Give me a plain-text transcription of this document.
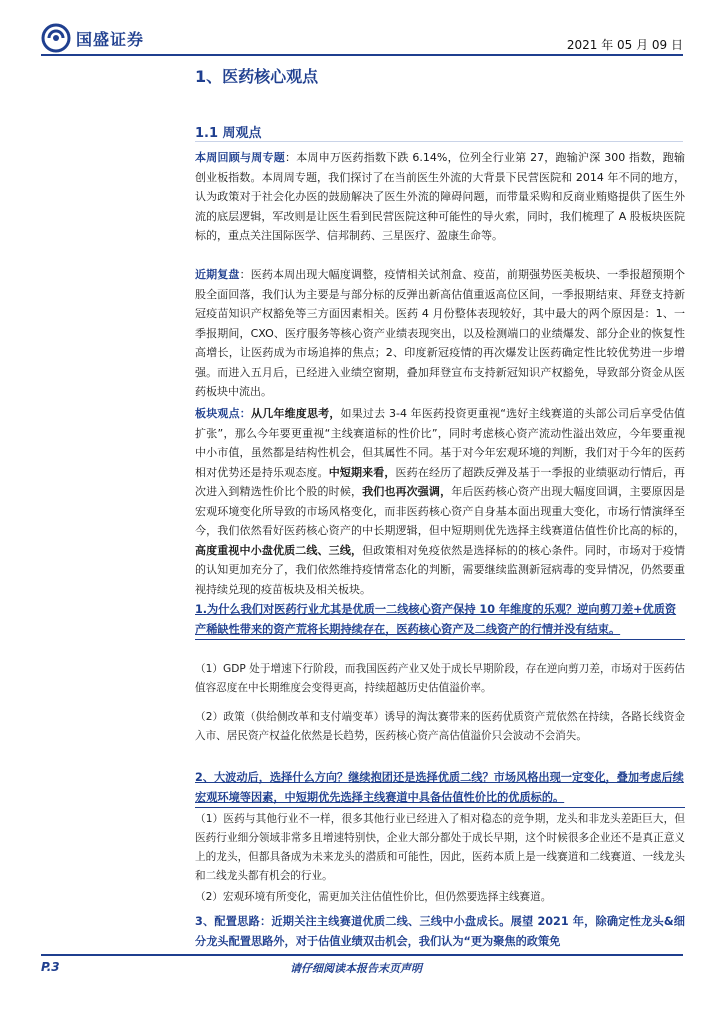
国盛证券	2021 年 05 月 09 日
1、医药核心观点
1.1 周观点
本周回顾与周专题：本周申万医药指数下跌 6.14%，位列全行业第 27，跑输沪深 300 指数，跑输创业板指数。本周周专题，我们探讨了在当前医生外流的大背景下民营医院和 2014 年不同的地方，认为政策对于社会化办医的鼓励解决了医生外流的障碍问题，而带量采购和反商业贿赂提供了医生外流的底层逻辑，军改则是让医生看到民营医院这种可能性的导火索，同时，我们梳理了 A 股板块医院标的，重点关注国际医学、信邦制药、三星医疗、盈康生命等。
近期复盘：医药本周出现大幅度调整，疫情相关试剂盒、疫苗，前期强势医美板块、一季报超预期个股全面回落，我们认为主要是与部分标的反弹出新高估值重返高位区间，一季报期结束、拜登支持新冠疫苗知识产权豁免等三方面因素相关。医药 4 月份整体表现较好，其中最大的两个原因是：1、一季报期间，CXO、医疗服务等核心资产业绩表现突出，以及检测端口的业绩爆发、部分企业的恢复性高增长，让医药成为市场追捧的焦点；2、印度新冠疫情的再次爆发让医药确定性比较优势进一步增强。而进入五月后，已经进入业绩空窗期，叠加拜登宣布支持新冠知识产权豁免，导致部分资金从医药板块中流出。
板块观点：从几年维度思考，如果过去 3-4 年医药投资更重视“选好主线赛道的头部公司后享受估值扩张”，那么今年要更重视“主线赛道标的性价比”，同时考虑核心资产流动性溢出效应，今年要重视中小市值，虽然都是结构性机会，但其属性不同。基于对今年宏观环境的判断，我们对于今年的医药相对优势还是持乐观态度。中短期来看，医药在经历了超跌反弹及基于一季报的业绩驱动行情后，再次进入到精选性价比个股的时候，我们也再次强调，年后医药核心资产出现大幅度回调，主要原因是宏观环境变化所导致的市场风格变化，而非医药核心资产自身基本面出现重大变化，市场行情演绎至今，我们依然看好医药核心资产的中长期逻辑，但中短期则优先选择主线赛道估值性价比高的标的，高度重视中小盘优质二线、三线，但政策相对免疫依然是选择标的的核心条件。同时，市场对于疫情的认知更加充分了，我们依然维持疫情常态化的判断，需要继续监测新冠病毒的变异情况，仍然要重视持续兑现的疫苗板块及相关板块。
1.为什么我们对医药行业尤其是优质一二线核心资产保持 10 年维度的乐观？逆向剪刀差+优质资产稀缺性带来的资产荒将长期持续存在，医药核心资产及二线资产的行情并没有结束。
（1）GDP 处于增速下行阶段，而我国医药产业又处于成长早期阶段，存在逆向剪刀差，市场对于医药估值容忍度在中长期维度会变得更高，持续超越历史估值溢价率。
（2）政策（供给侧改革和支付端变革）诱导的淘汰赛带来的医药优质资产荒依然在持续，各路长线资金入市、居民资产权益化依然是长趋势，医药核心资产高估值溢价只会波动不会消失。
2、大波动后，选择什么方向？继续抱团还是选择优质二线？市场风格出现一定变化，叠加考虑后续宏观环境等因素，中短期优先选择主线赛道中具备估值性价比的优质标的。
（1）医药与其他行业不一样，很多其他行业已经进入了相对稳态的竞争期，龙头和非龙头差距巨大，但医药行业细分领域非常多且增速特别快，企业大部分都处于成长早期，这个时候很多企业还不是真正意义上的龙头，但都具备成为未来龙头的潜质和可能性，因此，医药本质上是一线赛道和二线赛道、一线龙头和二线龙头都有机会的行业。
（2）宏观环境有所变化，需更加关注估值性价比，但仍然要选择主线赛道。
3、配置思路：近期关注主线赛道优质二线、三线中小盘成长。展望 2021 年，除确定性龙头&细分龙头配置思路外，对于估值业绩双击机会，我们认为“更为聚焦的政策免
P.3	请仔细阅读本报告末页声明
